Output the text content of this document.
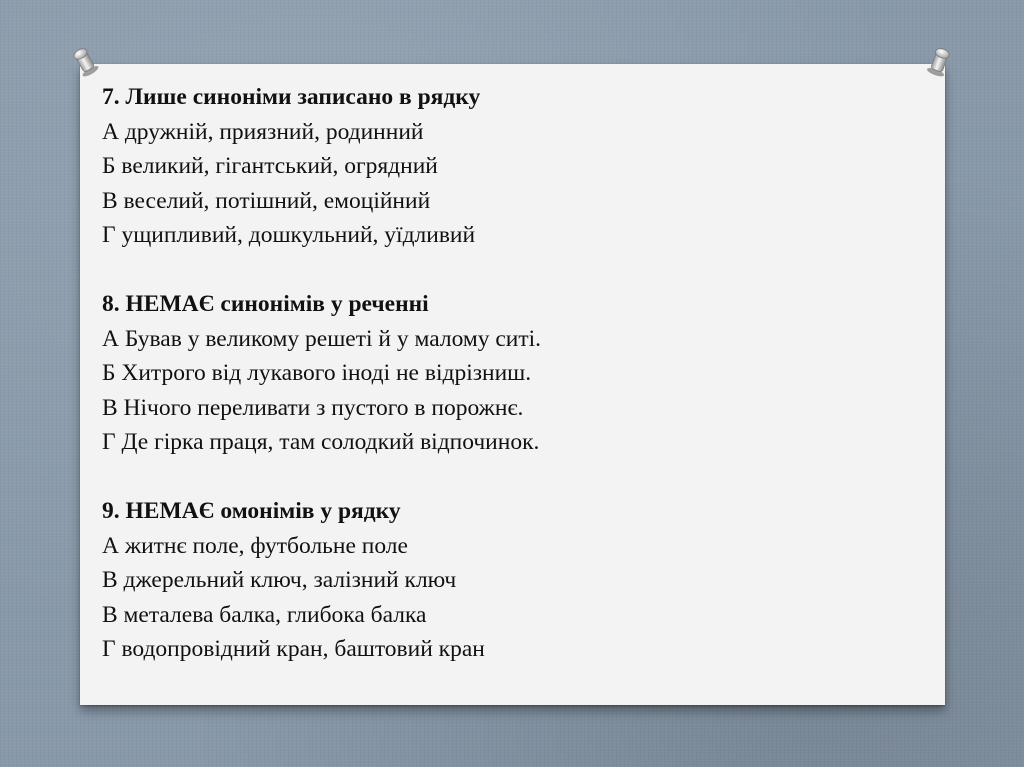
7. Лише синоніми записано в рядку
А дружній, приязний, родинний
Б великий, гігантський, огрядний
В веселий, потішний, емоційний
Г ущипливий, дошкульний, уїдливий
8. НЕМАЄ синонімів у реченні
А Бував у великому решеті й у малому ситі.
Б Хитрого від лукавого іноді не відрізниш.
В Нічого переливати з пустого в порожнє.
Г Де гірка праця, там солодкий відпочинок.
9. НЕМАЄ омонімів у рядку
А житнє поле, футбольне поле
В джерельний ключ, залізний ключ
В металева балка, глибока балка
Г водопровідний кран, баштовий кран
